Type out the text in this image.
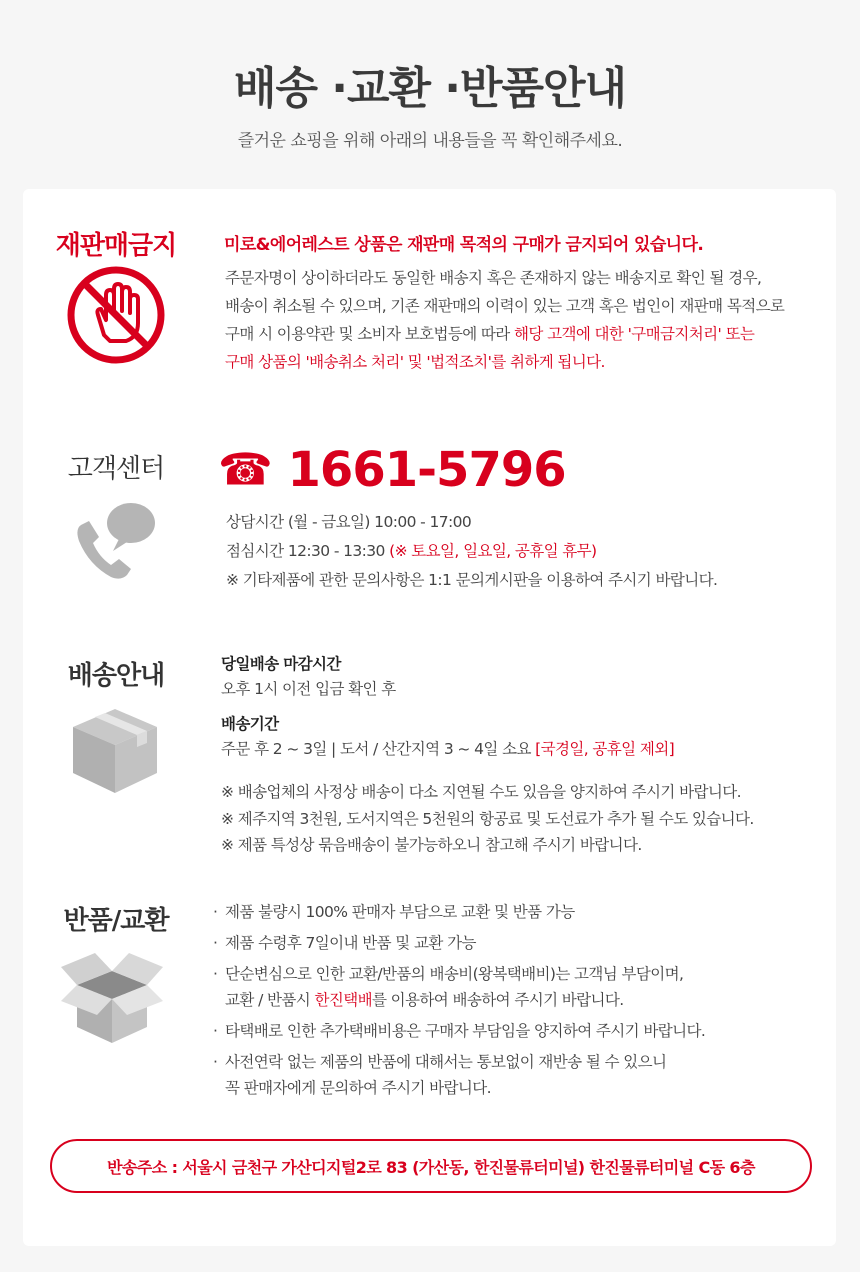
배송 ·교환 ·반품안내
즐거운 쇼핑을 위해 아래의 내용들을 꼭 확인해주세요.
재판매금지	미로&에어레스트 상품은 재판매 목적의 구매가 금지되어 있습니다.
주문자명이 상이하더라도 동일한 배송지 혹은 존재하지 않는 배송지로 확인 될 경우,
배송이 취소될 수 있으며, 기존 재판매의 이력이 있는 고객 혹은 법인이 재판매 목적으로
구매 시 이용약관 및 소비자 보호법등에 따라 해당 고객에 대한 '구매금지처리' 또는
구매 상품의 '배송취소 처리' 및 '법적조치'를 취하게 됩니다.
고객센터	☎ 1661-5796
상담시간 (월 - 금요일) 10:00 - 17:00
점심시간 12:30 - 13:30 (※ 토요일, 일요일, 공휴일 휴무)
※ 기타제품에 관한 문의사항은 1:1 문의게시판을 이용하여 주시기 바랍니다.
배송안내	당일배송 마감시간
오후 1시 이전 입금 확인 후
배송기간
주문 후 2 ~ 3일 | 도서 / 산간지역 3 ~ 4일 소요 [국경일, 공휴일 제외]
※ 배송업체의 사정상 배송이 다소 지연될 수도 있음을 양지하여 주시기 바랍니다.
※ 제주지역 3천원, 도서지역은 5천원의 항공료 및 도선료가 추가 될 수도 있습니다.
※ 제품 특성상 묶음배송이 불가능하오니 참고해 주시기 바랍니다.
반품/교환
·	제품 불량시 100% 판매자 부담으로 교환 및 반품 가능
· 제품 수령후 7일이내 반품 및 교환 가능
· 단순변심으로 인한 교환/반품의 배송비(왕복택배비)는 고객님 부담이며,
교환 / 반품시 한진택배를 이용하여 배송하여 주시기 바랍니다.
· 타택배로 인한 추가택배비용은 구매자 부담임을 양지하여 주시기 바랍니다.
· 사전연락 없는 제품의 반품에 대해서는 통보없이 재반송 될 수 있으니
꼭 판매자에게 문의하여 주시기 바랍니다.
반송주소 : 서울시 금천구 가산디지털2로 83 (가산동, 한진물류터미널) 한진물류터미널 C동 6층
